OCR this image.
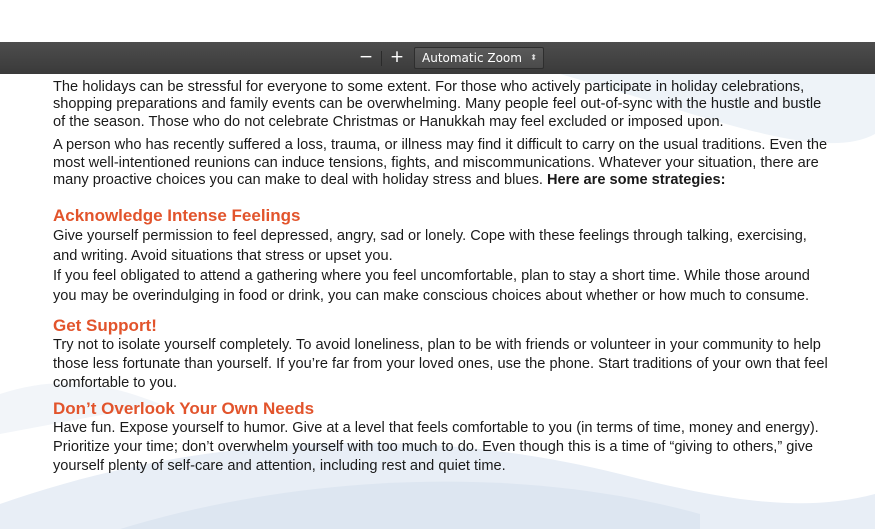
− +	Automatic Zoom ⬍

The holidays can be stressful for everyone to some extent. For those who actively participate in holiday celebrations, shopping preparations and family events can be overwhelming. Many people feel out-of-sync with the hustle and bustle of the season. Those who do not celebrate Christmas or Hanukkah may feel excluded or imposed upon.

A person who has recently suffered a loss, trauma, or illness may find it difficult to carry on the usual traditions. Even the most well-intentioned reunions can induce tensions, fights, and miscommunications. Whatever your situation, there are many proactive choices you can make to deal with holiday stress and blues. Here are some strategies:

Acknowledge Intense Feelings

Give yourself permission to feel depressed, angry, sad or lonely. Cope with these feelings through talking, exercising, and writing. Avoid situations that stress or upset you.

If you feel obligated to attend a gathering where you feel uncomfortable, plan to stay a short time. While those around you may be overindulging in food or drink, you can make conscious choices about whether or how much to consume.

Get Support!

Try not to isolate yourself completely. To avoid loneliness, plan to be with friends or volunteer in your community to help those less fortunate than yourself. If you’re far from your loved ones, use the phone. Start traditions of your own that feel comfortable to you.

Don’t Overlook Your Own Needs

Have fun. Expose yourself to humor. Give at a level that feels comfortable to you (in terms of time, money and energy). Prioritize your time; don’t overwhelm yourself with too much to do. Even though this is a time of “giving to others,” give yourself plenty of self-care and attention, including rest and quiet time.
